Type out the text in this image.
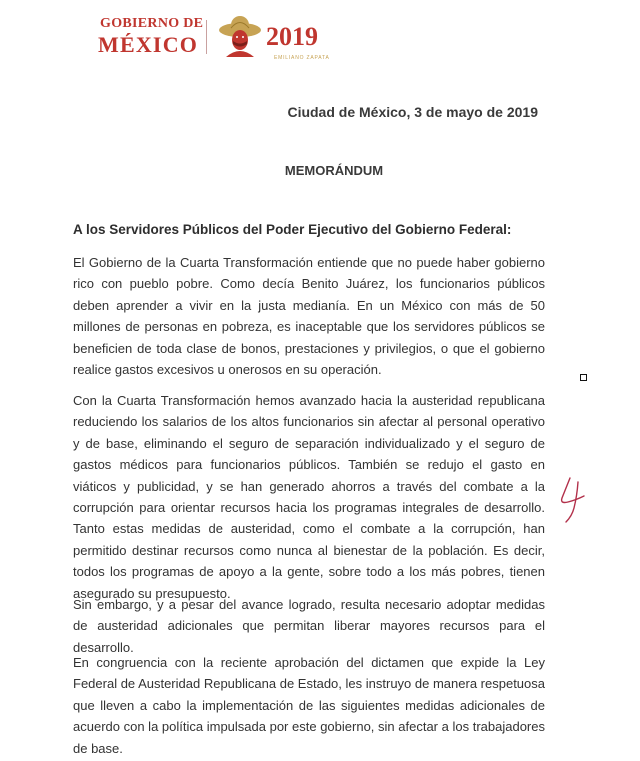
GOBIERNO DE
MÉXICO	2019
EMILIANO ZAPATA
Ciudad de México, 3 de mayo de 2019
MEMORÁNDUM
A los Servidores Públicos del Poder Ejecutivo del Gobierno Federal:
El Gobierno de la Cuarta Transformación entiende que no puede haber gobierno rico con pueblo pobre. Como decía Benito Juárez, los funcionarios públicos deben aprender a vivir en la justa medianía. En un México con más de 50 millones de personas en pobreza, es inaceptable que los servidores públicos se beneficien de toda clase de bonos, prestaciones y privilegios, o que el gobierno realice gastos excesivos u onerosos en su operación.
Con la Cuarta Transformación hemos avanzado hacia la austeridad republicana reduciendo los salarios de los altos funcionarios sin afectar al personal operativo y de base, eliminando el seguro de separación individualizado y el seguro de gastos médicos para funcionarios públicos. También se redujo el gasto en viáticos y publicidad, y se han generado ahorros a través del combate a la corrupción para orientar recursos hacia los programas integrales de desarrollo. Tanto estas medidas de austeridad, como el combate a la corrupción, han permitido destinar recursos como nunca al bienestar de la población. Es decir, todos los programas de apoyo a la gente, sobre todo a los más pobres, tienen asegurado su presupuesto.
Sin embargo, y a pesar del avance logrado, resulta necesario adoptar medidas de austeridad adicionales que permitan liberar mayores recursos para el desarrollo.
En congruencia con la reciente aprobación del dictamen que expide la Ley Federal de Austeridad Republicana de Estado, les instruyo de manera respetuosa que lleven a cabo la implementación de las siguientes medidas adicionales de acuerdo con la política impulsada por este gobierno, sin afectar a los trabajadores de base.
